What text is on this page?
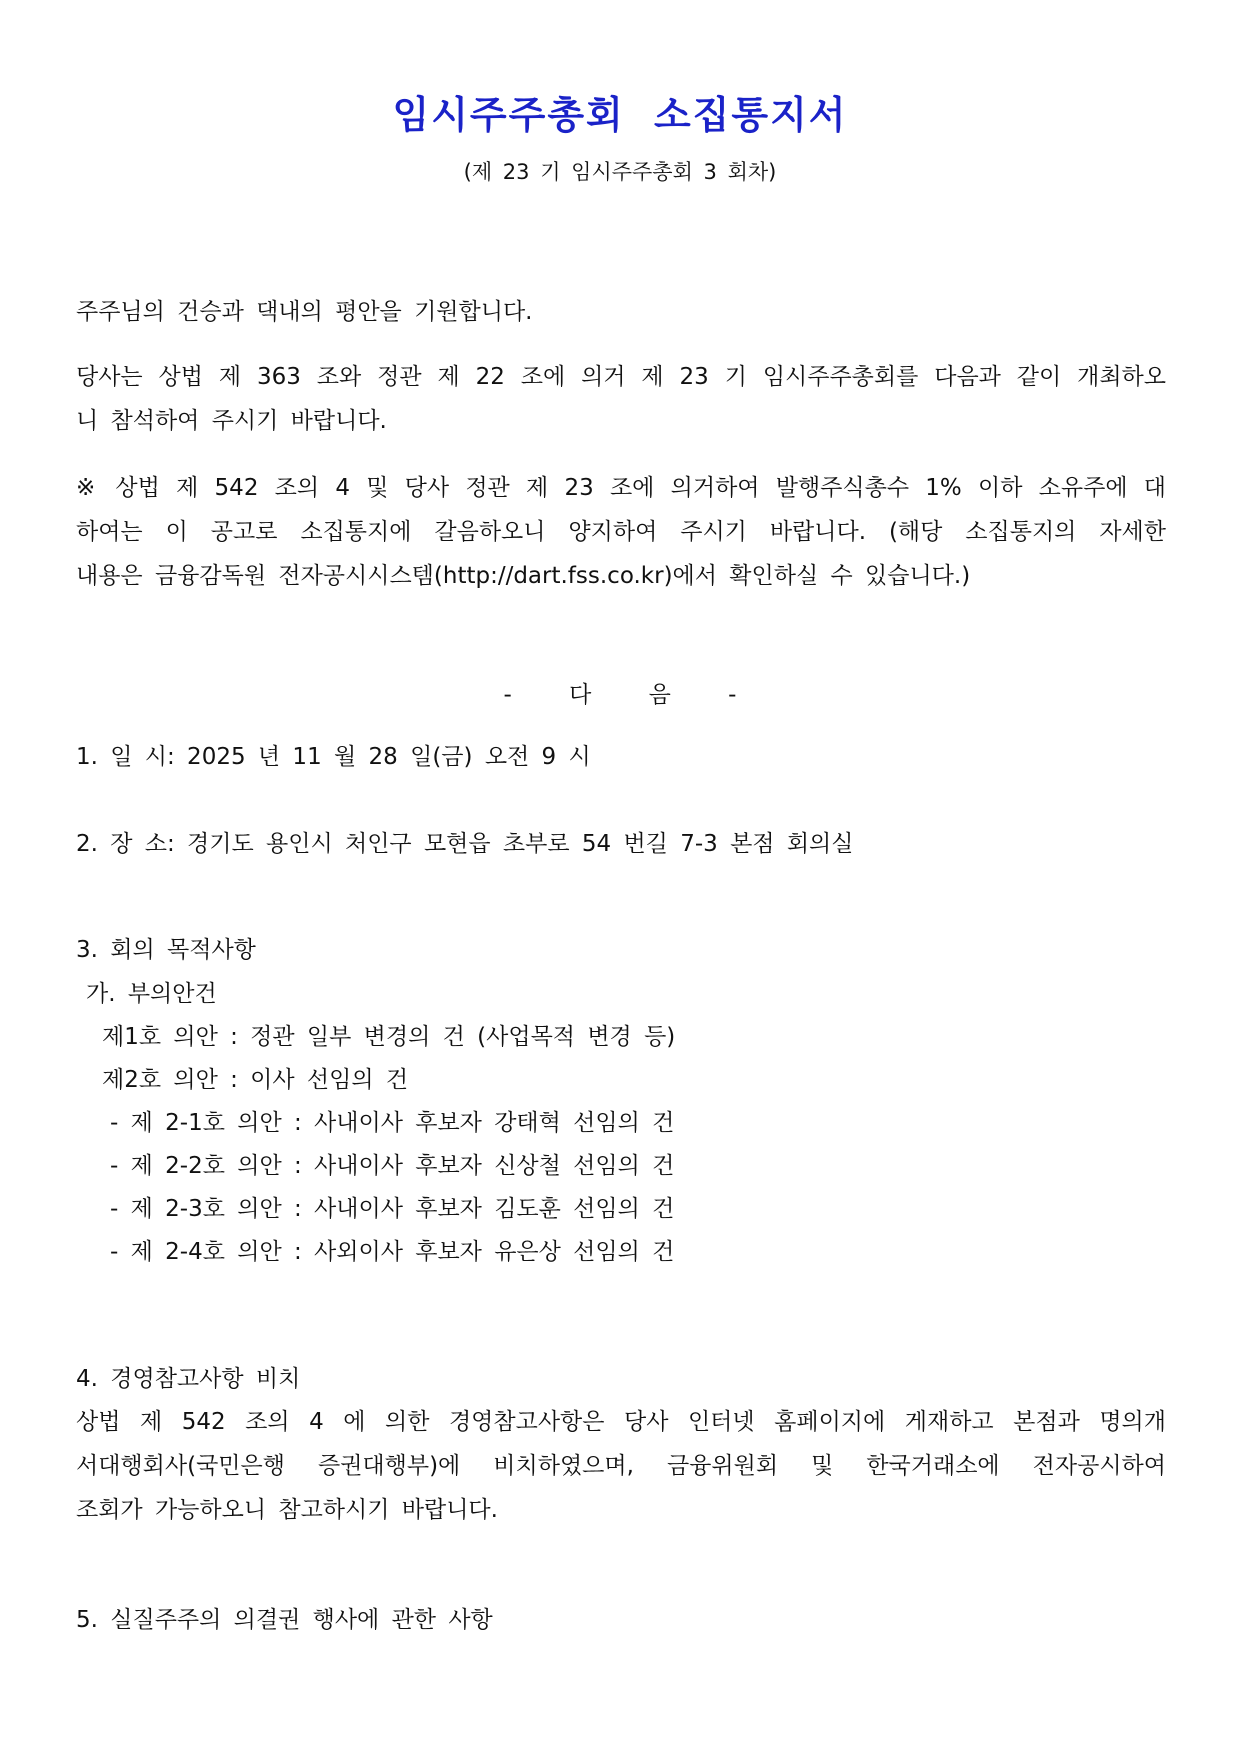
임시주주총회 소집통지서
(제 23 기 임시주주총회 3 회차)
주주님의 건승과 댁내의 평안을 기원합니다.
당사는 상법 제 363 조와 정관 제 22 조에 의거 제 23 기 임시주주총회를 다음과 같이 개최하오
니 참석하여 주시기 바랍니다.
※ 상법 제 542 조의 4 및 당사 정관 제 23 조에 의거하여 발행주식총수 1% 이하 소유주에 대
하여는 이 공고로 소집통지에 갈음하오니 양지하여 주시기 바랍니다. (해당 소집통지의 자세한
내용은 금융감독원 전자공시시스템(http://dart.fss.co.kr)에서 확인하실 수 있습니다.)
- 다 음 -
1. 일 시: 2025 년 11 월 28 일(금) 오전 9 시
2. 장 소: 경기도 용인시 처인구 모현읍 초부로 54 번길 7-3 본점 회의실
3. 회의 목적사항
가. 부의안건
제1호 의안 : 정관 일부 변경의 건 (사업목적 변경 등)
제2호 의안 : 이사 선임의 건
- 제 2-1호 의안 : 사내이사 후보자 강태혁 선임의 건
- 제 2-2호 의안 : 사내이사 후보자 신상철 선임의 건
- 제 2-3호 의안 : 사내이사 후보자 김도훈 선임의 건
- 제 2-4호 의안 : 사외이사 후보자 유은상 선임의 건
4. 경영참고사항 비치
상법 제 542 조의 4 에 의한 경영참고사항은 당사 인터넷 홈페이지에 게재하고 본점과 명의개
서대행회사(국민은행 증권대행부)에 비치하였으며, 금융위원회 및 한국거래소에 전자공시하여
조회가 가능하오니 참고하시기 바랍니다.
5. 실질주주의 의결권 행사에 관한 사항
